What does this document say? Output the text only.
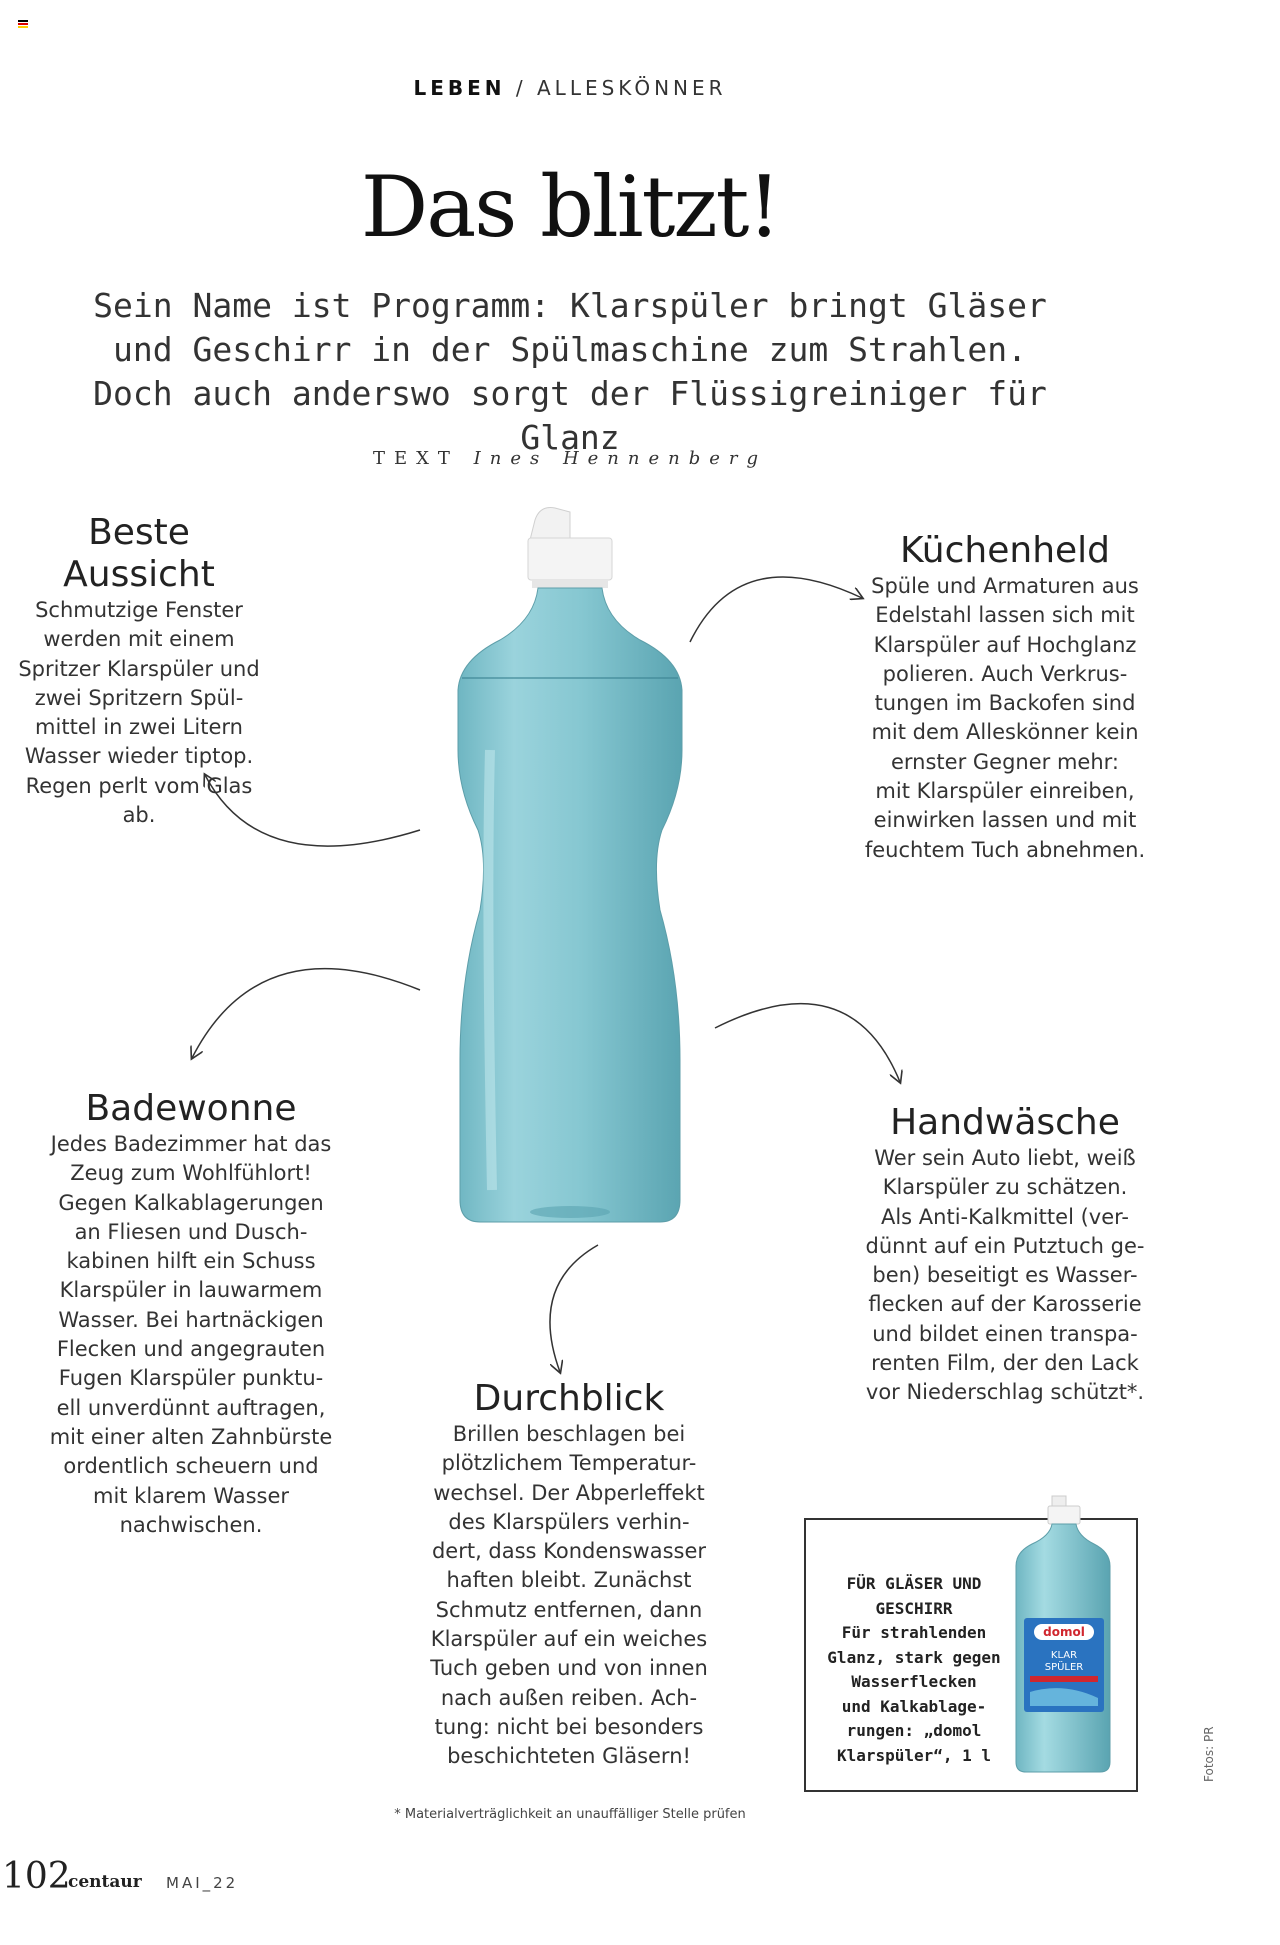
LEBEN / ALLESKÖNNER
Das blitzt!
Sein Name ist Programm: Klarspüler bringt Gläser
und Geschirr in der Spülmaschine zum Strahlen.
Doch auch anderswo sorgt der Flüssigreiniger für Glanz
TEXT Ines Hennenberg
Beste Aussicht
Schmutzige Fenster
werden mit einem
Spritzer Klarspüler und
zwei Spritzern Spül-
mittel in zwei Litern
Wasser wieder tiptop.
Regen perlt vom Glas ab.
Küchenheld
Spüle und Armaturen aus
Edelstahl lassen sich mit
Klarspüler auf Hochglanz
polieren. Auch Verkrus-
tungen im Backofen sind
mit dem Alleskönner kein
ernster Gegner mehr:
mit Klarspüler einreiben,
einwirken lassen und mit
feuchtem Tuch abnehmen.
Badewonne
Jedes Badezimmer hat das
Zeug zum Wohlfühlort!
Gegen Kalkablagerungen
an Fliesen und Dusch-
kabinen hilft ein Schuss
Klarspüler in lauwarmem
Wasser. Bei hartnäckigen
Flecken und angegrauten
Fugen Klarspüler punktu-
ell unverdünnt auftragen,
mit einer alten Zahnbürste
ordentlich scheuern und
mit klarem Wasser
nachwischen.
Handwäsche
Wer sein Auto liebt, weiß
Klarspüler zu schätzen.
Als Anti-Kalkmittel (ver-
dünnt auf ein Putztuch ge-
ben) beseitigt es Wasser-
flecken auf der Karosserie
und bildet einen transpa-
renten Film, der den Lack
vor Niederschlag schützt*.
Durchblick
Brillen beschlagen bei
plötzlichem Temperatur-
wechsel. Der Abperleffekt
des Klarspülers verhin-
dert, dass Kondenswasser
haften bleibt. Zunächst
Schmutz entfernen, dann
Klarspüler auf ein weiches
Tuch geben und von innen
nach außen reiben. Ach-
tung: nicht bei besonders
beschichteten Gläsern!
FÜR GLÄSER UND
GESCHIRR
Für strahlenden
Glanz, stark gegen
Wasserflecken
und Kalkablage-
rungen: „domol
Klarspüler“, 1 l
domol
KLAR
SPÜLER
* Materialverträglichkeit an unauffälliger Stelle prüfen
Fotos: PR
102
centaur MAI_22
